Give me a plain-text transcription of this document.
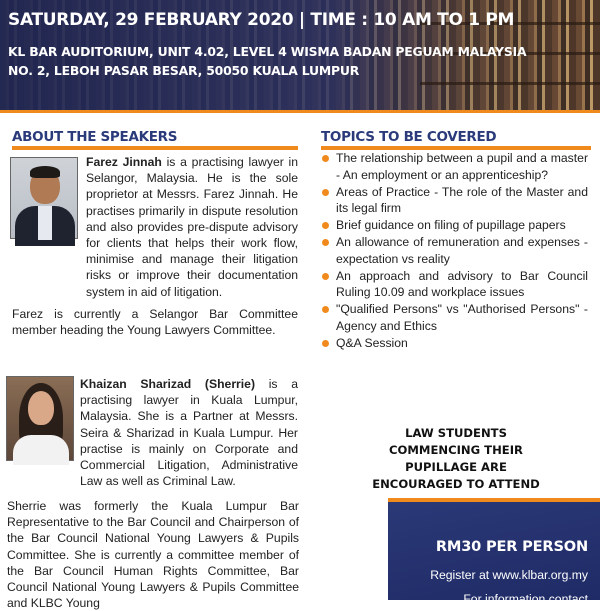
SATURDAY, 29 FEBRUARY 2020 | TIME : 10 AM TO 1 PM
KL BAR AUDITORIUM, UNIT 4.02, LEVEL 4 WISMA BADAN PEGUAM MALAYSIA
NO. 2, LEBOH PASAR BESAR, 50050 KUALA LUMPUR
ABOUT THE SPEAKERS
Farez Jinnah is a practising lawyer in Selangor, Malaysia. He is the sole proprietor at Messrs. Farez Jinnah. He practises primarily in dispute resolution and also provides pre-dispute advisory for clients that helps their work flow, minimise and manage their litigation risks or improve their documentation system in aid of litigation.
Farez is currently a Selangor Bar Committee member heading the Young Lawyers Committee.
Khaizan Sharizad (Sherrie) is a practising lawyer in Kuala Lumpur, Malaysia. She is a Partner at Messrs. Seira & Sharizad in Kuala Lumpur. Her practise is mainly on Corporate and Commercial Litigation, Administrative Law as well as Criminal Law.
Sherrie was formerly the Kuala Lumpur Bar Representative to the Bar Council and Chairperson of the Bar Council National Young Lawyers & Pupils Committee. She is currently a committee member of the Bar Council Human Rights Committee, Bar Council National Young Lawyers & Pupils Committee and KLBC Young
TOPICS TO BE COVERED
The relationship between a pupil and a master - An employment or an apprenticeship?
Areas of Practice - The role of the Master and its legal firm
Brief guidance on filing of pupillage papers
An allowance of remuneration and expenses - expectation vs reality
An approach and advisory to Bar Council Ruling 10.09 and workplace issues
"Qualified Persons" vs "Authorised Persons" - Agency and Ethics
Q&A Session
LAW STUDENTS
COMMENCING THEIR
PUPILLAGE ARE
ENCOURAGED TO ATTEND
RM30 PER PERSON
Register at www.klbar.org.my
For information contact
